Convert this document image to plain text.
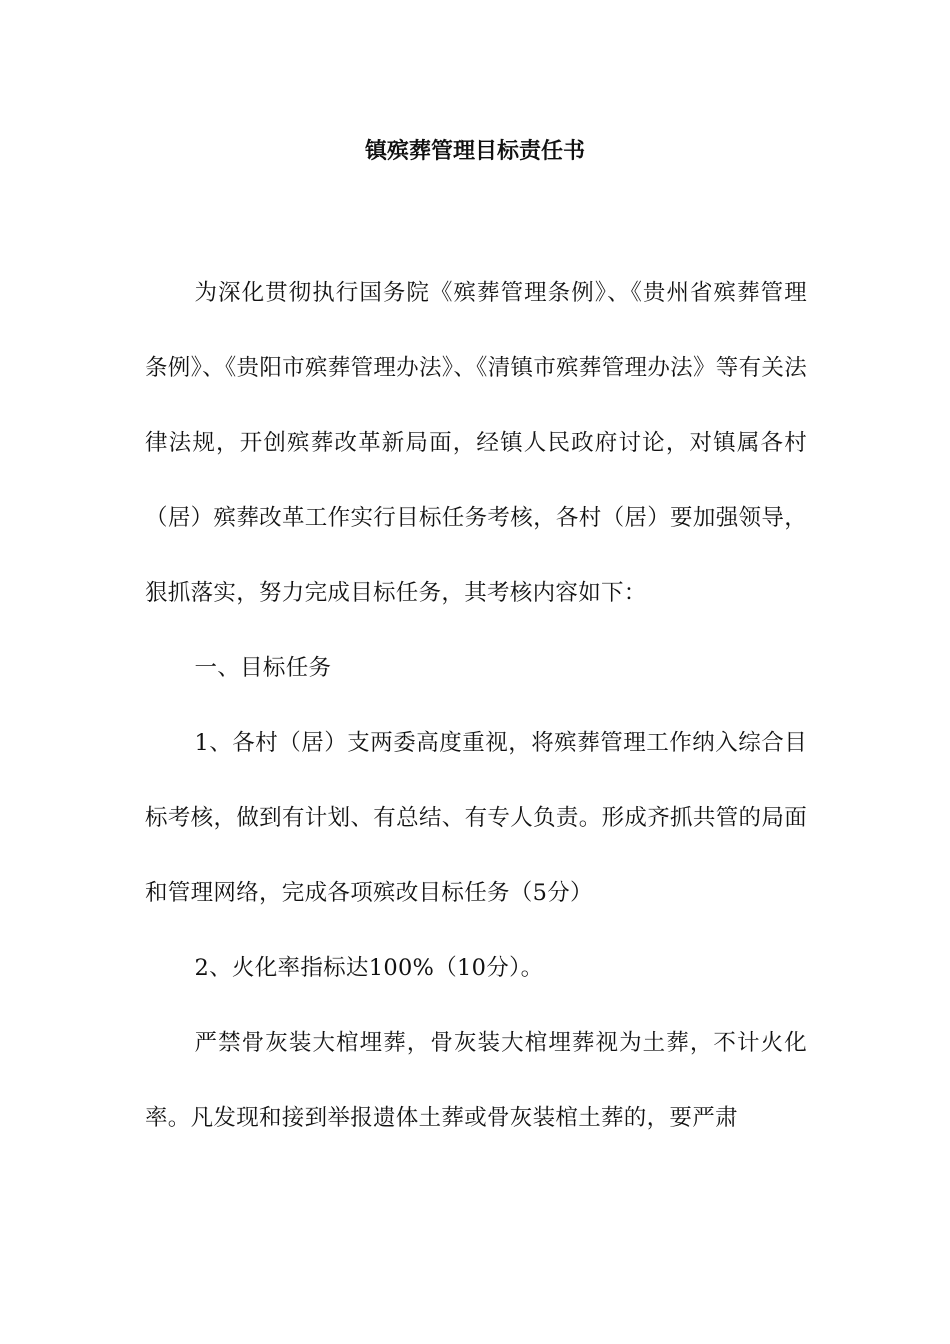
镇殡葬管理目标责任书

为深化贯彻执行国务院《殡葬管理条例》、《贵州省殡葬管理条例》、《贵阳市殡葬管理办法》、《清镇市殡葬管理办法》等有关法律法规，开创殡葬改革新局面，经镇人民政府讨论，对镇属各村（居）殡葬改革工作实行目标任务考核，各村（居）要加强领导，狠抓落实，努力完成目标任务，其考核内容如下：

一、目标任务

1、各村（居）支两委高度重视，将殡葬管理工作纳入综合目标考核，做到有计划、有总结、有专人负责。形成齐抓共管的局面和管理网络，完成各项殡改目标任务（5分）

2、火化率指标达100%（10分）。

严禁骨灰装大棺埋葬，骨灰装大棺埋葬视为土葬，不计火化率。凡发现和接到举报遗体土葬或骨灰装棺土葬的，要严肃
